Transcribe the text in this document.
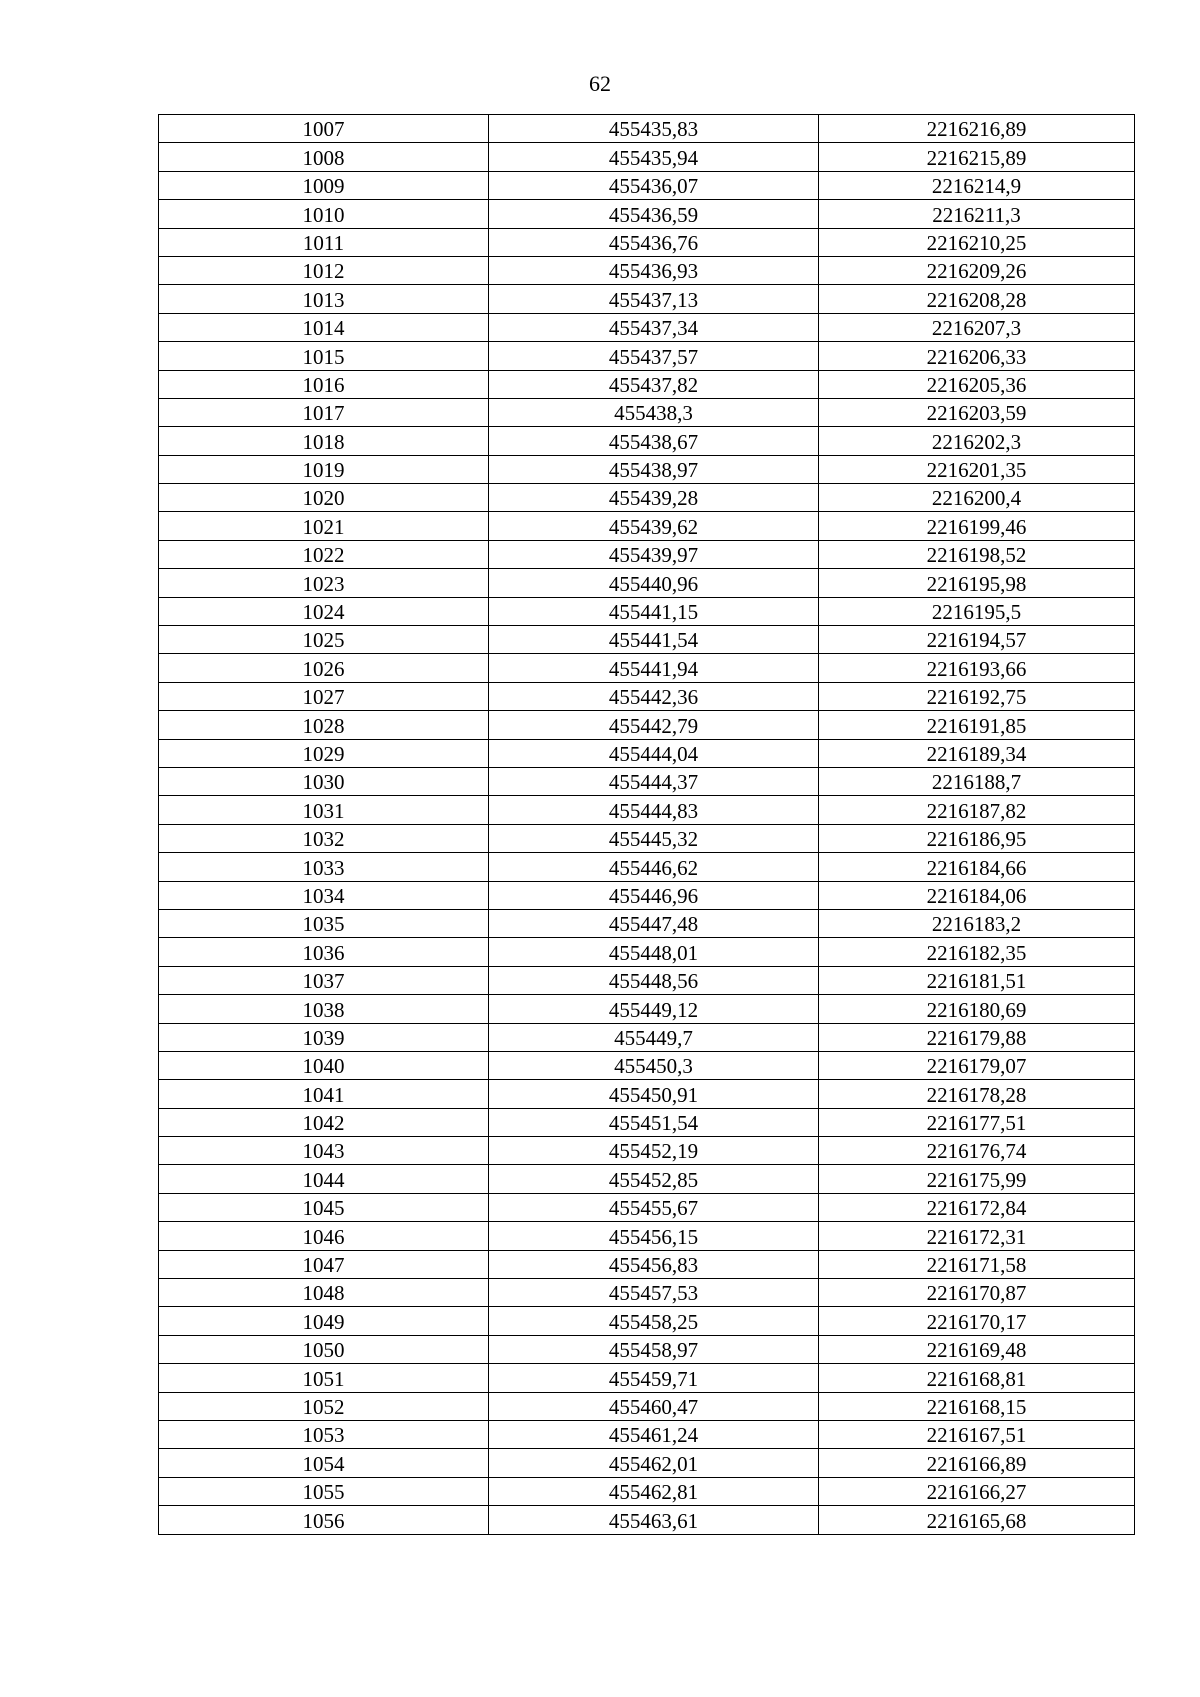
62
1007	455435,83	2216216,89
1008	455435,94	2216215,89
1009	455436,07	2216214,9
1010	455436,59	2216211,3
1011	455436,76	2216210,25
1012	455436,93	2216209,26
1013	455437,13	2216208,28
1014	455437,34	2216207,3
1015	455437,57	2216206,33
1016	455437,82	2216205,36
1017	455438,3	2216203,59
1018	455438,67	2216202,3
1019	455438,97	2216201,35
1020	455439,28	2216200,4
1021	455439,62	2216199,46
1022	455439,97	2216198,52
1023	455440,96	2216195,98
1024	455441,15	2216195,5
1025	455441,54	2216194,57
1026	455441,94	2216193,66
1027	455442,36	2216192,75
1028	455442,79	2216191,85
1029	455444,04	2216189,34
1030	455444,37	2216188,7
1031	455444,83	2216187,82
1032	455445,32	2216186,95
1033	455446,62	2216184,66
1034	455446,96	2216184,06
1035	455447,48	2216183,2
1036	455448,01	2216182,35
1037	455448,56	2216181,51
1038	455449,12	2216180,69
1039	455449,7	2216179,88
1040	455450,3	2216179,07
1041	455450,91	2216178,28
1042	455451,54	2216177,51
1043	455452,19	2216176,74
1044	455452,85	2216175,99
1045	455455,67	2216172,84
1046	455456,15	2216172,31
1047	455456,83	2216171,58
1048	455457,53	2216170,87
1049	455458,25	2216170,17
1050	455458,97	2216169,48
1051	455459,71	2216168,81
1052	455460,47	2216168,15
1053	455461,24	2216167,51
1054	455462,01	2216166,89
1055	455462,81	2216166,27
1056	455463,61	2216165,68
